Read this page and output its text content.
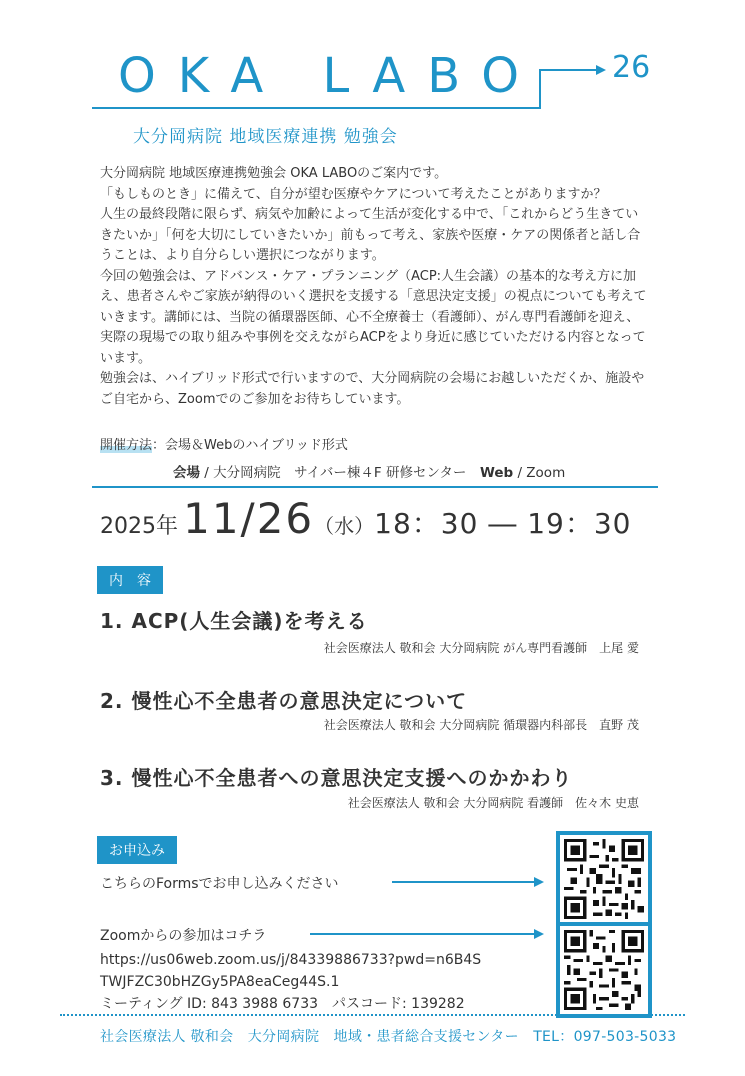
OKA LABO 26
大分岡病院 地域医療連携 勉強会

大分岡病院 地域医療連携勉強会 OKA LABOのご案内です。

「もしものとき」に備えて、自分が望む医療やケアについて考えたことがありますか？

人生の最終段階に限らず、病気や加齢によって生活が変化する中で、「これからどう生きていきたいか」「何を大切にしていきたいか」前もって考え、家族や医療・ケアの関係者と話し合うことは、より自分らしい選択につながります。

今回の勉強会は、アドバンス・ケア・プランニング（ACP:人生会議）の基本的な考え方に加え、患者さんやご家族が納得のいく選択を支援する「意思決定支援」の視点についても考えていきます。講師には、当院の循環器医師、心不全療養士（看護師）、がん専門看護師を迎え、実際の現場での取り組みや事例を交えながらACPをより身近に感じていただける内容となっています。

勉強会は、ハイブリッド形式で行いますので、大分岡病院の会場にお越しいただくか、施設やご自宅から、Zoomでのご参加をお待ちしています。

開催方法：会場＆Webのハイブリッド形式
会場 / 大分岡病院　サイバー棟４F 研修センター　Web / Zoom
2025年 11/26（水）18：30 ― 19：30
内　容
1. ACP(人生会議)を考える
社会医療法人 敬和会 大分岡病院 がん専門看護師　上尾 愛
2. 慢性心不全患者の意思決定について
社会医療法人 敬和会 大分岡病院 循環器内科部長　直野 茂
3. 慢性心不全患者への意思決定支援へのかかわり
社会医療法人 敬和会 大分岡病院 看護師　佐々木 史恵
お申込み
こちらのFormsでお申し込みください
Zoomからの参加はコチラ
https://us06web.zoom.us/j/84339886733?pwd=n6B4S
TWJFZC30bHZGy5PA8eaCeg44S.1
ミーティング ID: 843 3988 6733　パスコード: 139282
社会医療法人 敬和会　大分岡病院　地域・患者総合支援センター　TEL：097-503-5033
